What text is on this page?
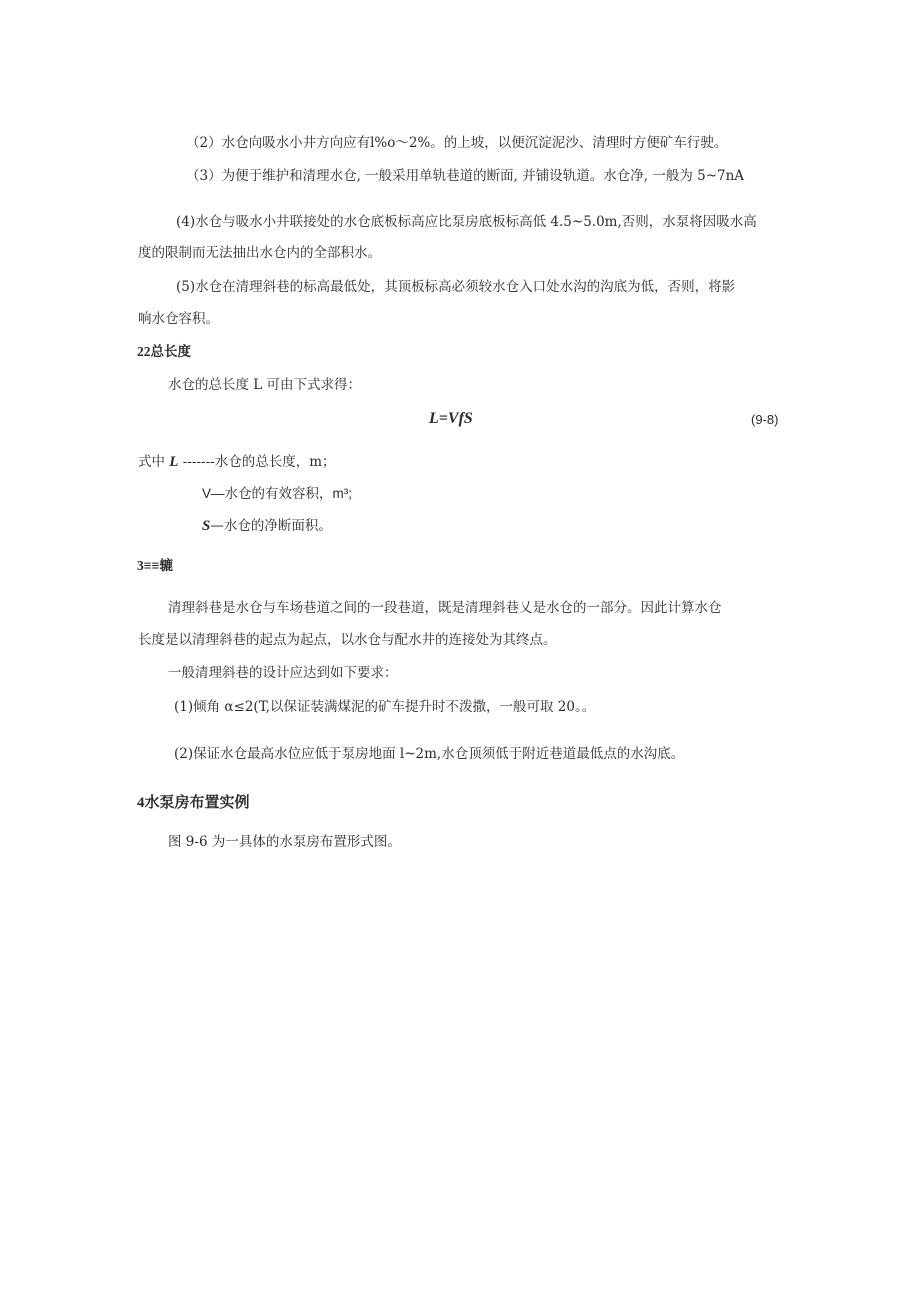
（2）水仓向吸水小井方向应有l%o～2%。的上坡，以便沉淀泥沙、清理时方便矿车行驶。
（3）为便于维护和清理水仓, 一般采用单轨巷道的断面, 并铺设轨道。水仓净, 一般为 5~7nA
(4)水仓与吸水小井联接处的水仓底板标高应比泵房底板标高低 4.5~5.0m,否则，水泵将因吸水高
度的限制而无法抽出水仓内的全部积水。
(5)水仓在清理斜巷的标高最低处，其顶板标高必须较水仓入口处水沟的沟底为低，否则，将影
响水仓容积。
22总长度
水仓的总长度 L 可由下式求得：
L=VfS	(9-8)
式中 L -------水仓的总长度，m；
V—水仓的有效容积，m³;
S—水仓的净断面积。
3≡≡辘
清理斜巷是水仓与车场巷道之间的一段巷道，既是清理斜巷乂是水仓的一部分。因此计算水仓
长度是以清理斜巷的起点为起点，以水仓与配水井的连接处为其终点。
一般清理斜巷的设计应达到如下要求：
(1)倾角 α≤2(T,以保证装满煤泥的矿车提升时不泼撒，一般可取 20。。
(2)保证水仓最高水位应低于泵房地面 l~2m,水仓顶须低于附近巷道最低点的水沟底。
4水泵房布置实例
图 9-6 为一具体的水泵房布置形式图。
